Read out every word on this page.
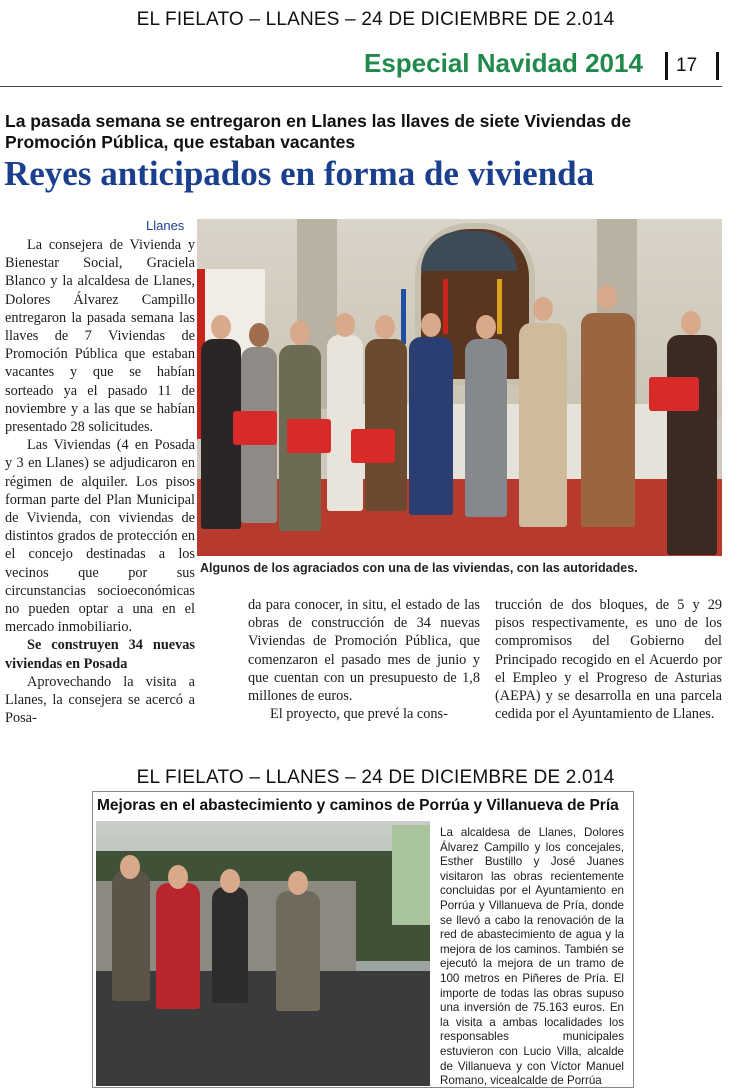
EL FIELATO – LLANES – 24 DE DICIEMBRE DE 2.014
Especial Navidad 2014 17
La pasada semana se entregaron en Llanes las llaves de siete Viviendas de Promoción Pública, que estaban vacantes
Reyes anticipados en forma de vivienda
Llanes

La consejera de Vivienda y Bienestar Social, Graciela Blanco y la alcaldesa de Llanes, Dolores Álvarez Campillo entregaron la pasada semana las llaves de 7 Viviendas de Promoción Pública que estaban vacantes y que se habían sorteado ya el pasado 11 de noviembre y a las que se habían presentado 28 solicitudes.

Las Viviendas (4 en Posada y 3 en Llanes) se adjudicaron en régimen de alquiler. Los pisos forman parte del Plan Municipal de Vivienda, con viviendas de distintos grados de protección en el concejo destinadas a los vecinos que por sus circunstancias socioeconómicas no pueden optar a una en el mercado inmobiliario.

Se construyen 34 nuevas viviendas en Posada

Aprovechando la visita a Llanes, la consejera se acercó a Posa-

da para conocer, in situ, el estado de las obras de construcción de 34 nuevas Viviendas de Promoción Pública, que comenzaron el pasado mes de junio y que cuentan con un presupuesto de 1,8 millones de euros.

El proyecto, que prevé la cons-

trucción de dos bloques, de 5 y 29 pisos respectivamente, es uno de los compromisos del Gobierno del Principado recogido en el Acuerdo por el Empleo y el Progreso de Asturias (AEPA) y se desarrolla en una parcela cedida por el Ayuntamiento de Llanes.

Algunos de los agraciados con una de las viviendas, con las autoridades.
EL FIELATO – LLANES – 24 DE DICIEMBRE DE 2.014
Mejoras en el abastecimiento y caminos de Porrúa y Villanueva de Pría
La alcaldesa de Llanes, Dolores Álvarez Campillo y los concejales, Esther Bustillo y José Juanes visitaron las obras recientemente concluidas por el Ayuntamiento en Porrúa y Villanueva de Pría, donde se llevó a cabo la renovación de la red de abastecimiento de agua y la mejora de los caminos. También se ejecutó la mejora de un tramo de 100 metros en Piñeres de Pría. El importe de todas las obras supuso una inversión de 75.163 euros. En la visita a ambas localidades los responsables municipales estuvieron con Lucio Villa, alcalde de Villanueva y con Víctor Manuel Romano, vicealcalde de Porrúa
